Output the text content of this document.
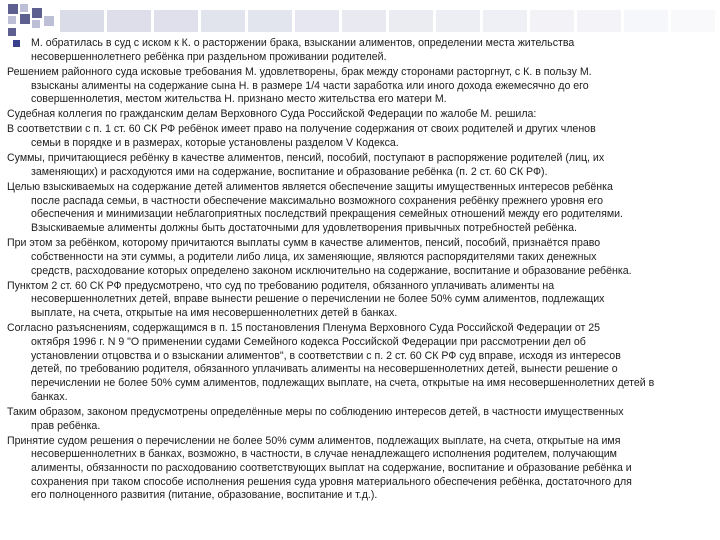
М. обратилась в суд с иском к К. о расторжении брака, взыскании алиментов, определении места жительства
несовершеннолетнего ребёнка при раздельном проживании родителей.
Решением районного суда исковые требования М. удовлетворены, брак между сторонами расторгнут, с К. в пользу М.
взысканы алименты на содержание сына Н. в размере 1/4 части заработка или иного дохода ежемесячно до его
совершеннолетия, местом жительства Н. признано место жительства его матери М.
Судебная коллегия по гражданским делам Верховного Суда Российской Федерации по жалобе М. решила:
В соответствии с п. 1 ст. 60 СК РФ ребёнок имеет право на получение содержания от своих родителей и других членов
семьи в порядке и в размерах, которые установлены разделом V Кодекса.
Суммы, причитающиеся ребёнку в качестве алиментов, пенсий, пособий, поступают в распоряжение родителей (лиц, их
заменяющих) и расходуются ими на содержание, воспитание и образование ребёнка (п. 2 ст. 60 СК РФ).
Целью взыскиваемых на содержание детей алиментов является обеспечение защиты имущественных интересов ребёнка
после распада семьи, в частности обеспечение максимально возможного сохранения ребёнку прежнего уровня его
обеспечения и минимизации неблагоприятных последствий прекращения семейных отношений между его родителями.
Взыскиваемые алименты должны быть достаточными для удовлетворения привычных потребностей ребёнка.
При этом за ребёнком, которому причитаются выплаты сумм в качестве алиментов, пенсий, пособий, признаётся право
собственности на эти суммы, а родители либо лица, их заменяющие, являются распорядителями таких денежных
средств, расходование которых определено законом исключительно на содержание, воспитание и образование ребёнка.
Пунктом 2 ст. 60 СК РФ предусмотрено, что суд по требованию родителя, обязанного уплачивать алименты на
несовершеннолетних детей, вправе вынести решение о перечислении не более 50% сумм алиментов, подлежащих
выплате, на счета, открытые на имя несовершеннолетних детей в банках.
Согласно разъяснениям, содержащимся в п. 15 постановления Пленума Верховного Суда Российской Федерации от 25
октября 1996 г. N 9 "О применении судами Семейного кодекса Российской Федерации при рассмотрении дел об
установлении отцовства и о взыскании алиментов", в соответствии с п. 2 ст. 60 СК РФ суд вправе, исходя из интересов
детей, по требованию родителя, обязанного уплачивать алименты на несовершеннолетних детей, вынести решение о
перечислении не более 50% сумм алиментов, подлежащих выплате, на счета, открытые на имя несовершеннолетних детей в
банках.
Таким образом, законом предусмотрены определённые меры по соблюдению интересов детей, в частности имущественных
прав ребёнка.
Принятие судом решения о перечислении не более 50% сумм алиментов, подлежащих выплате, на счета, открытые на имя
несовершеннолетних в банках, возможно, в частности, в случае ненадлежащего исполнения родителем, получающим
алименты, обязанности по расходованию соответствующих выплат на содержание, воспитание и образование ребёнка и
сохранения при таком способе исполнения решения суда уровня материального обеспечения ребёнка, достаточного для
его полноценного развития (питание, образование, воспитание и т.д.).
